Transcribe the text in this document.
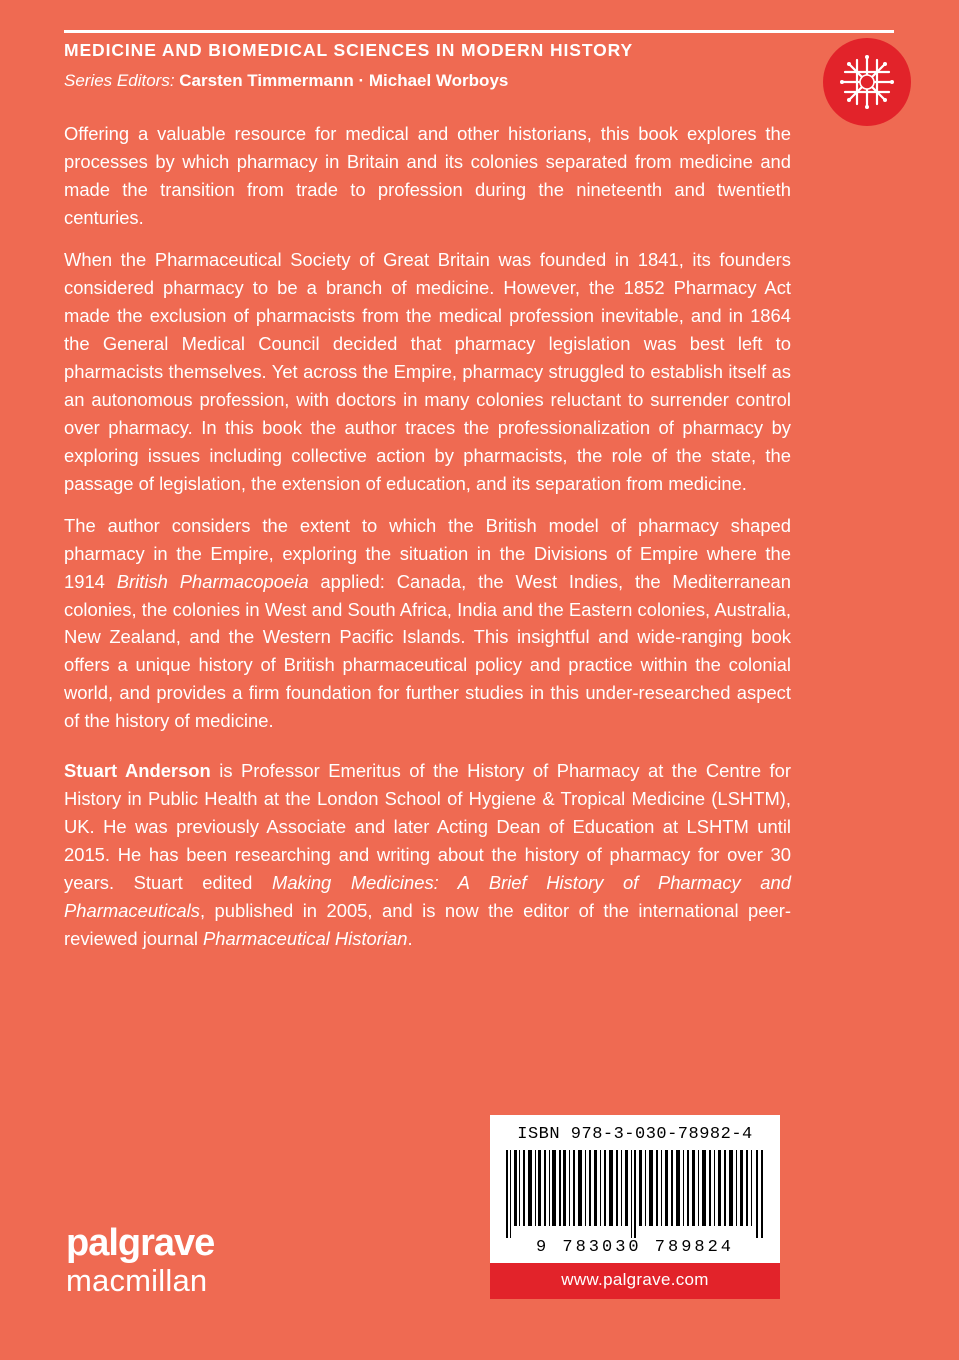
MEDICINE AND BIOMEDICAL SCIENCES IN MODERN HISTORY
Series Editors: Carsten Timmermann · Michael Worboys

Offering a valuable resource for medical and other historians, this book explores the processes by which pharmacy in Britain and its colonies separated from medicine and made the transition from trade to profession during the nineteenth and twentieth centuries.

When the Pharmaceutical Society of Great Britain was founded in 1841, its founders considered pharmacy to be a branch of medicine. However, the 1852 Pharmacy Act made the exclusion of pharmacists from the medical profession inevitable, and in 1864 the General Medical Council decided that pharmacy legislation was best left to pharmacists themselves. Yet across the Empire, pharmacy struggled to establish itself as an autonomous profession, with doctors in many colonies reluctant to surrender control over pharmacy. In this book the author traces the professionalization of pharmacy by exploring issues including collective action by pharmacists, the role of the state, the passage of legislation, the extension of education, and its separation from medicine.

The author considers the extent to which the British model of pharmacy shaped pharmacy in the Empire, exploring the situation in the Divisions of Empire where the 1914 British Pharmacopoeia applied: Canada, the West Indies, the Mediterranean colonies, the colonies in West and South Africa, India and the Eastern colonies, Australia, New Zealand, and the Western Pacific Islands. This insightful and wide-ranging book offers a unique history of British pharmaceutical policy and practice within the colonial world, and provides a firm foundation for further studies in this under-researched aspect of the history of medicine.

Stuart Anderson is Professor Emeritus of the History of Pharmacy at the Centre for History in Public Health at the London School of Hygiene & Tropical Medicine (LSHTM), UK. He was previously Associate and later Acting Dean of Education at LSHTM until 2015. He has been researching and writing about the history of pharmacy for over 30 years. Stuart edited Making Medicines: A Brief History of Pharmacy and Pharmaceuticals, published in 2005, and is now the editor of the international peer-reviewed journal Pharmaceutical Historian.

ISBN 978-3-030-78982-4
9 783030 789824
www.palgrave.com
palgrave
macmillan
